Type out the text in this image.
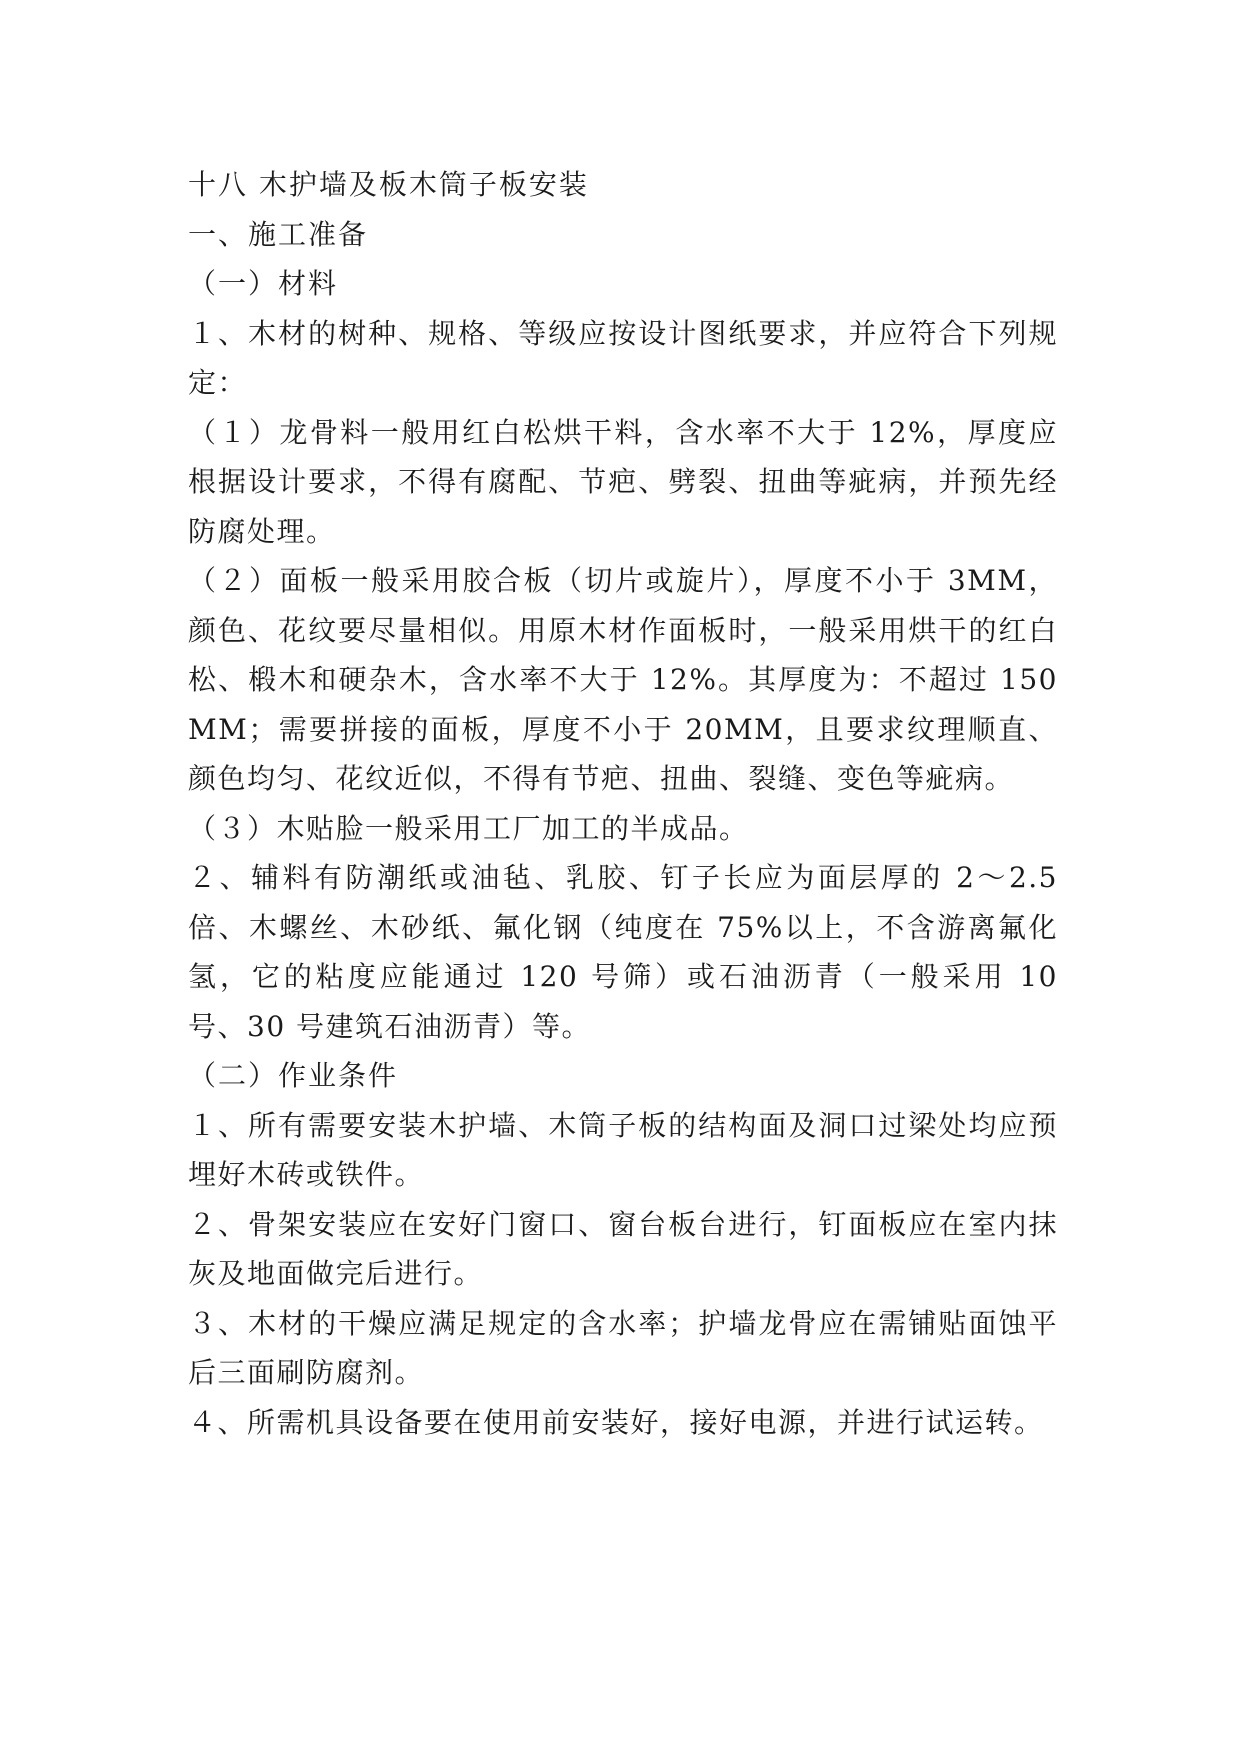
十八 木护墙及板木筒子板安装

一、施工准备

（一）材料

１、木材的树种、规格、等级应按设计图纸要求，并应符合下列规定：

（１）龙骨料一般用红白松烘干料，含水率不大于 12%，厚度应根据设计要求，不得有腐配、节疤、劈裂、扭曲等疵病，并预先经防腐处理。

（２）面板一般采用胶合板（切片或旋片），厚度不小于 3MM，颜色、花纹要尽量相似。用原木材作面板时，一般采用烘干的红白松、椴木和硬杂木，含水率不大于 12%。其厚度为：不超过 150MM；需要拼接的面板，厚度不小于 20MM，且要求纹理顺直、颜色均匀、花纹近似，不得有节疤、扭曲、裂缝、变色等疵病。

（３）木贴脸一般采用工厂加工的半成品。

２、辅料有防潮纸或油毡、乳胶、钉子长应为面层厚的 2～2.5 倍、木螺丝、木砂纸、氟化钢（纯度在 75%以上，不含游离氟化氢，它的粘度应能通过 120 号筛）或石油沥青（一般采用 10 号、30 号建筑石油沥青）等。

（二）作业条件

１、所有需要安装木护墙、木筒子板的结构面及洞口过梁处均应预埋好木砖或铁件。

２、骨架安装应在安好门窗口、窗台板台进行，钉面板应在室内抹灰及地面做完后进行。

３、木材的干燥应满足规定的含水率；护墙龙骨应在需铺贴面蚀平后三面刷防腐剂。

４、所需机具设备要在使用前安装好，接好电源，并进行试运转。
